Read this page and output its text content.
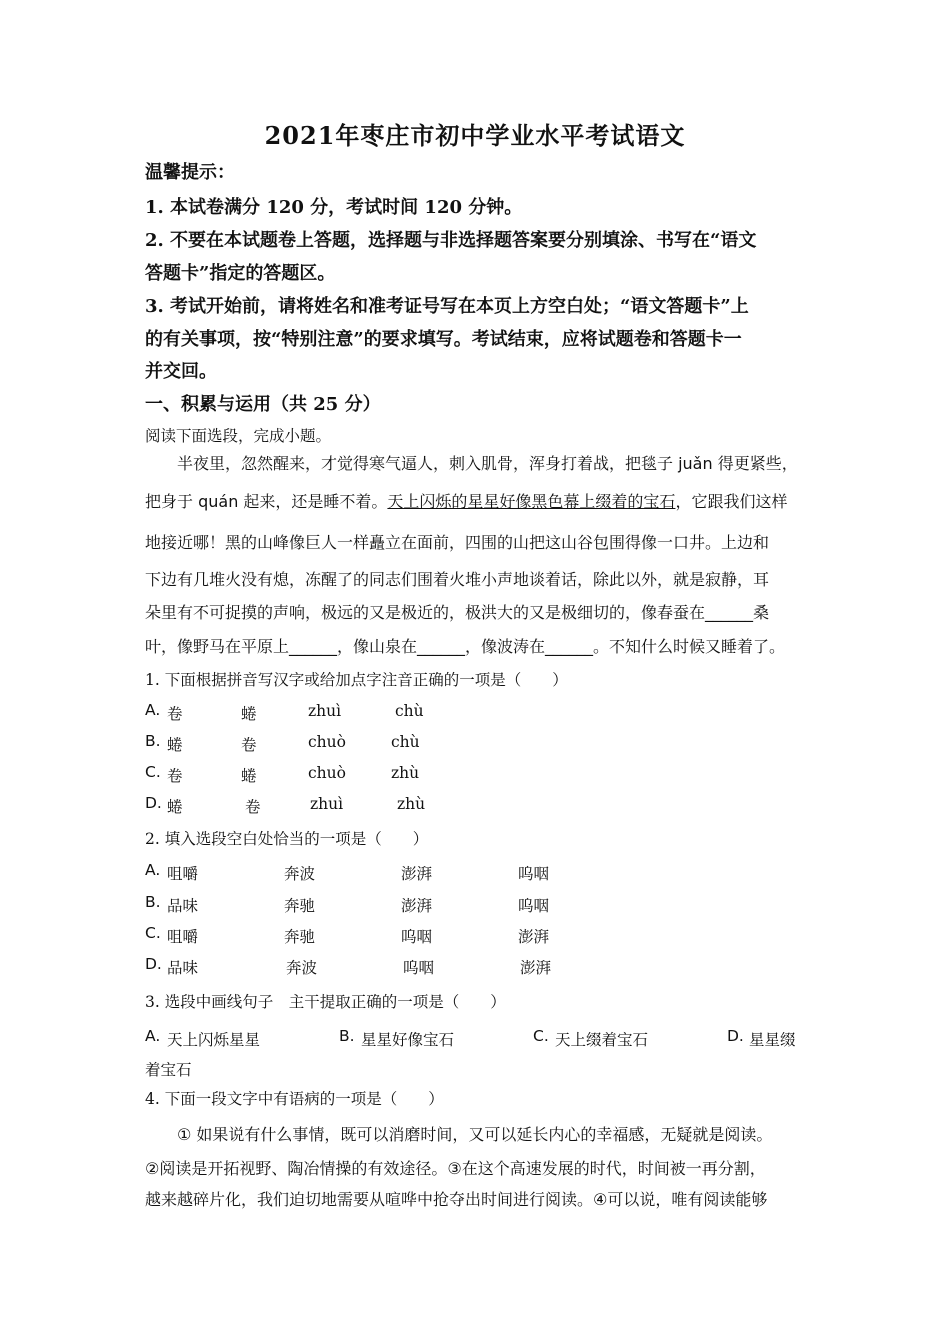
2021年枣庄市初中学业水平考试语文
温馨提示：
1. 本试卷满分 120 分，考试时间 120 分钟。
2. 不要在本试题卷上答题，选择题与非选择题答案要分别填涂、书写在“语文
答题卡”指定的答题区。
3. 考试开始前，请将姓名和准考证号写在本页上方空白处；“语文答题卡”上
的有关事项，按“特别注意”的要求填写。考试结束，应将试题卷和答题卡一
并交回。
一、积累与运用（共 25 分）
阅读下面选段，完成小题。
半夜里，忽然醒来，才觉得寒气逼人，刺入肌骨，浑身打着战，把毯子 juǎn 得更紧些，
把身于 quán 起来，还是睡不着。天上闪烁的星星好像黑色幕上缀着的宝石，它跟我们这样
地接近哪！黑的山峰像巨人一样矗立在面前，四围的山把这山谷包围得像一口井。上边和
下边有几堆火没有熄，冻醒了的同志们围着火堆小声地谈着话，除此以外，就是寂静，耳
朵里有不可捉摸的声响，极远的又是极近的，极洪大的又是极细切的，像春蚕在______桑
叶，像野马在平原上______，像山泉在______，像波涛在______。不知什么时候又睡着了。
1. 下面根据拼音写汉字或给加点字注音正确的一项是（　　）
A. 卷	蜷	zhuì	chù
B. 蜷	卷	chuò	chù
C. 卷	蜷	chuò	zhù
D. 蜷	卷	zhuì	zhù
2. 填入选段空白处恰当的一项是（　　）
A. 咀嚼	奔波	澎湃	呜咽
B. 品味	奔驰	澎湃	呜咽
C. 咀嚼	奔驰	呜咽	澎湃
D. 品味	奔波	呜咽	澎湃
3. 选段中画线句子　主干提取正确的一项是（　　）
A. 天上闪烁星星	B. 星星好像宝石	C. 天上缀着宝石	D. 星星缀
着宝石
4. 下面一段文字中有语病的一项是（　　）
① 如果说有什么事情，既可以消磨时间，又可以延长内心的幸福感，无疑就是阅读。
②阅读是开拓视野、陶冶情操的有效途径。③在这个高速发展的时代，时间被一再分割，
越来越碎片化，我们迫切地需要从喧哗中抢夺出时间进行阅读。④可以说，唯有阅读能够
